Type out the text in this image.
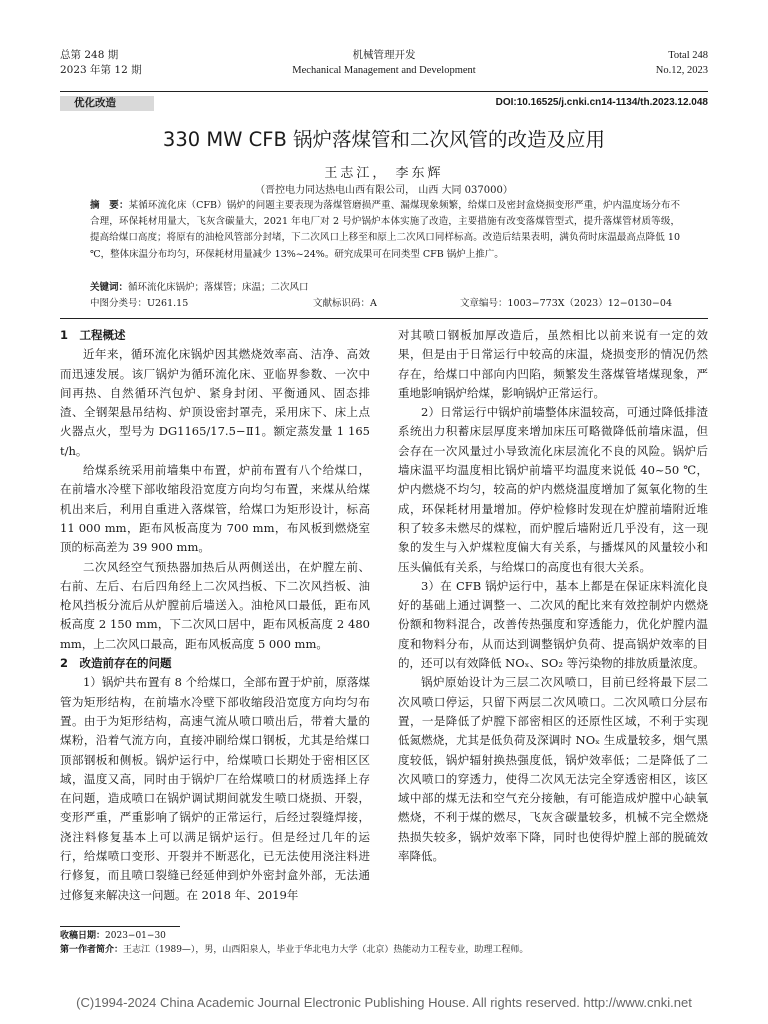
总第 248 期
2023 年第 12 期
机械管理开发
Mechanical Management and Development
Total 248
No.12, 2023
优化改造	DOI:10.16525/j.cnki.cn14-1134/th.2023.12.048
330 MW CFB 锅炉落煤管和二次风管的改造及应用
王志江， 李东辉
（晋控电力同达热电山西有限公司， 山西 大同 037000）
摘　要：某循环流化床（CFB）锅炉的问题主要表现为落煤管磨损严重、漏煤现象频繁，给煤口及密封盒烧损变形严重，炉内温度场分布不合理，环保耗材用量大，飞灰含碳量大，2021 年电厂对 2 号炉锅炉本体实施了改造，主要措施有改变落煤管型式，提升落煤管材质等级，提高给煤口高度；将原有的油枪风管部分封堵，下二次风口上移至和原上二次风口同样标高。改造后结果表明，满负荷时床温最高点降低 10 ℃，整体床温分布均匀，环保耗材用量减少 13%~24%。研究成果可在同类型 CFB 锅炉上推广。
关键词：循环流化床锅炉；落煤管；床温；二次风口
中图分类号：U261.15	文献标识码：A	文章编号：1003−773X（2023）12−0130−04
1　工程概述

近年来，循环流化床锅炉因其燃烧效率高、洁净、高效而迅速发展。该厂锅炉为循环流化床、亚临界参数、一次中间再热、自然循环汽包炉、紧身封闭、平衡通风、固态排渣、全钢架悬吊结构、炉顶设密封罩壳，采用床下、床上点火器点火，型号为 DG1165/17.5−Ⅱ1。额定蒸发量 1 165 t/h。

给煤系统采用前墙集中布置，炉前布置有八个给煤口，在前墙水冷壁下部收缩段沿宽度方向均匀布置，来煤从给煤机出来后，利用自重进入落煤管，给煤口为矩形设计，标高 11 000 mm，距布风板高度为 700 mm，布风板到燃烧室顶的标高差为 39 900 mm。

二次风经空气预热器加热后从两侧送出，在炉膛左前、右前、左后、右后四角经上二次风挡板、下二次风挡板、油枪风挡板分流后从炉膛前后墙送入。油枪风口最低，距布风板高度 2 150 mm，下二次风口居中，距布风板高度 2 480 mm，上二次风口最高，距布风板高度 5 000 mm。

2　改造前存在的问题

1）锅炉共布置有 8 个给煤口，全部布置于炉前，原落煤管为矩形结构，在前墙水冷壁下部收缩段沿宽度方向均匀布置。由于为矩形结构，高速气流从喷口喷出后，带着大量的煤粉，沿着气流方向，直接冲刷给煤口钢板，尤其是给煤口顶部钢板和侧板。锅炉运行中，给煤喷口长期处于密相区区域，温度又高，同时由于锅炉厂在给煤喷口的材质选择上存在问题，造成喷口在锅炉调试期间就发生喷口烧损、开裂，变形严重，严重影响了锅炉的正常运行，后经过裂缝焊接，浇注料修复基本上可以满足锅炉运行。但是经过几年的运行，给煤喷口变形、开裂并不断恶化，已无法使用浇注料进行修复，而且喷口裂缝已经延伸到炉外密封盒外部，无法通过修复来解决这一问题。在 2018 年、2019年

对其喷口钢板加厚改造后，虽然相比以前来说有一定的效果，但是由于日常运行中较高的床温，烧损变形的情况仍然存在，给煤口中部向内凹陷，频繁发生落煤管堵煤现象，严重地影响锅炉给煤，影响锅炉正常运行。

2）日常运行中锅炉前墙整体床温较高，可通过降低排渣系统出力积蓄床层厚度来增加床压可略微降低前墙床温，但会存在一次风量过小导致流化床层流化不良的风险。锅炉后墙床温平均温度相比锅炉前墙平均温度来说低 40~50 ℃，炉内燃烧不均匀，较高的炉内燃烧温度增加了氮氧化物的生成，环保耗材用量增加。停炉检修时发现在炉膛前墙附近堆积了较多未燃尽的煤粒，而炉膛后墙附近几乎没有，这一现象的发生与入炉煤粒度偏大有关系，与播煤风的风量较小和压头偏低有关系，与给煤口的高度也有很大关系。

3）在 CFB 锅炉运行中，基本上都是在保证床料流化良好的基础上通过调整一、二次风的配比来有效控制炉内燃烧份额和物料混合，改善传热强度和穿透能力，优化炉膛内温度和物料分布，从而达到调整锅炉负荷、提高锅炉效率的目的，还可以有效降低 NOₓ、SO₂ 等污染物的排放质量浓度。

锅炉原始设计为三层二次风喷口，目前已经将最下层二次风喷口停运，只留下两层二次风喷口。二次风喷口分层布置，一是降低了炉膛下部密相区的还原性区域，不利于实现低氮燃烧，尤其是低负荷及深调时 NOₓ 生成量较多，烟气黑度较低，锅炉辐射换热强度低，锅炉效率低；二是降低了二次风喷口的穿透力，使得二次风无法完全穿透密相区，该区域中部的煤无法和空气充分接触，有可能造成炉膛中心缺氧燃烧，不利于煤的燃尽，飞灰含碳量较多，机械不完全燃烧热损失较多，锅炉效率下降，同时也使得炉膛上部的脱硫效率降低。

收稿日期：2023−01−30
第一作者简介：王志江（1989—），男，山西阳泉人，毕业于华北电力大学（北京）热能动力工程专业，助理工程师。
(C)1994-2024 China Academic Journal Electronic Publishing House. All rights reserved. http://www.cnki.net
